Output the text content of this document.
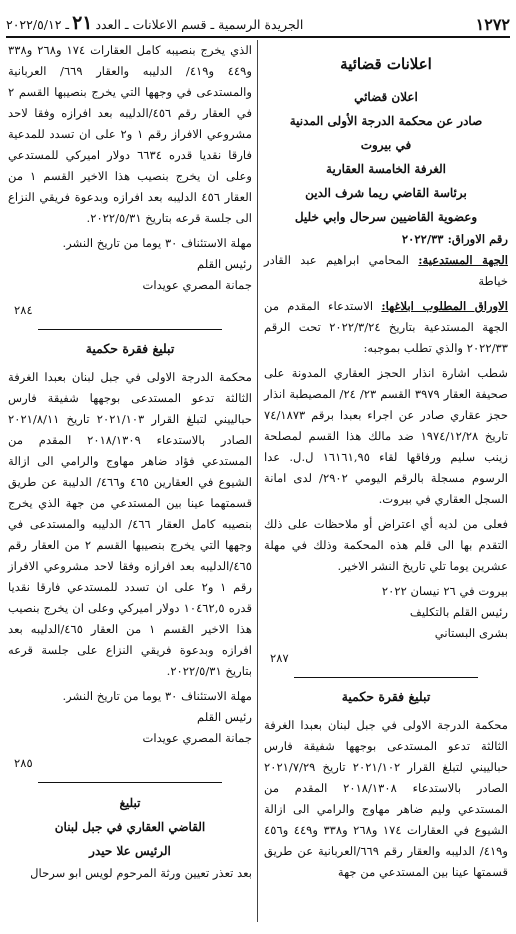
١٢٧٢
الجريدة الرسمية ـ قسم الاعلانات ـ العدد٢١ـ ٢٠٢٢/٥/١٢
اعلانات قضائية

اعلان قضائي

صادر عن محكمة الدرجة الأولى المدنية

في بيروت

الغرفة الخامسة العقارية

برئاسة القاضي ريما شرف الدين

وعضوية القاضيين سرحال وابي خليل

رقم الاوراق: ٢٠٢٢/٣٣

الجهة المستدعية: المحامي ابراهيم عبد القادر خياطة

الاوراق المطلوب ابلاغها: الاستدعاء المقدم من الجهة المستدعية بتاريخ ٢٠٢٢/٣/٢٤ تحت الرقم ٢٠٢٢/٣٣ والذي تطلب بموجبه:

شطب اشارة انذار الحجز العقاري المدونة على صحيفة العقار ٣٩٧٩ القسم ٢٣/ ٢٤/ المصيطبة انذار حجز عقاري صادر عن اجراء بعبدا برقم ٧٤/١٨٧٣ تاريخ ١٩٧٤/١٢/٢٨ ضد مالك هذا القسم لمصلحة زينب سليم ورفاقها لقاء ١٦١٦١,٩٥ ل.ل. عدا الرسوم مسجلة بالرقم اليومي ٢٩٠٢/ لدى امانة السجل العقاري في بيروت.

فعلى من لديه أي اعتراض أو ملاحظات على ذلك التقدم بها الى قلم هذه المحكمة وذلك في مهلة عشرين يوما تلي تاريخ النشر الاخير.

بيروت في ٢٦ نيسان ٢٠٢٢

رئيس القلم بالتكليف

بشرى البستاني

٢٨٧

تبليغ فقرة حكمية

محكمة الدرجة الاولى في جبل لبنان بعبدا الغرفة الثالثة تدعو المستدعى بوجهها شفيقة فارس حبالييني لتبلغ القرار ٢٠٢١/١٠٢ تاريخ ٢٠٢١/٧/٢٩ الصادر بالاستدعاء ٢٠١٨/١٣٠٨ المقدم من المستدعي وليم ضاهر مهاوج والرامي الى ازالة الشيوع في العقارات ١٧٤ و٢٦٨ و٣٣٨ و٤٤٩ و٤٥٦ و٤١٩/ الدليبه والعقار رقم ٦٦٩/العربانية عن طريق قسمتها عينا بين المستدعي من جهة

الذي يخرج بنصيبه كامل العقارات ١٧٤ و٢٦٨ و٣٣٨ و٤٤٩ و٤١٩/ الدليبه والعقار ٦٦٩/ العربانية والمستدعى في وجهها التي يخرج بنصيبها القسم ٢ في العقار رقم ٤٥٦/الدليبه بعد افرازه وفقا لاحد مشروعي الافراز رقم ١ و٢ على ان تسدد للمدعية فارقا نقديا قدره ٦٦٣٤ دولار اميركي للمستدعي وعلى ان يخرج بنصيب هذا الاخير القسم ١ من العقار ٤٥٦ الدليبه بعد افرازه وبدعوة فريقي النزاع الى جلسة قرعه بتاريخ ٢٠٢٢/٥/٣١.

مهلة الاستئناف ٣٠ يوما من تاريخ النشر.

رئيس القلم

جمانة المصري عويدات

٢٨٤

تبليغ فقرة حكمية

محكمة الدرجة الاولى في جبل لبنان بعبدا الغرفة الثالثة تدعو المستدعى بوجهها شفيقة فارس حبالييني لتبلغ القرار ٢٠٢١/١٠٣ تاريخ ٢٠٢١/٨/١١ الصادر بالاستدعاء ٢٠١٨/١٣٠٩ المقدم من المستدعي فؤاد ضاهر مهاوج والرامي الى ازالة الشيوع في العقارين ٤٦٥ و٤٦٦/ الدليبة عن طريق قسمتهما عينا بين المستدعي من جهة الذي يخرج بنصيبه كامل العقار ٤٦٦/ الدليبه والمستدعى في وجهها التي يخرج بنصيبها القسم ٢ من العقار رقم ٤٦٥/الدليبه بعد افرازه وفقا لاحد مشروعي الافراز رقم ١ و٢ على ان تسدد للمستدعي فارقا نقديا قدره ١٠٤٦٢,٥ دولار اميركي وعلى ان يخرج بنصيب هذا الاخير القسم ١ من العقار ٤٦٥/الدليبه بعد افرازه وبدعوة فريقي النزاع على جلسة قرعه بتاريخ ٢٠٢٢/٥/٣١.

مهلة الاستئناف ٣٠ يوما من تاريخ النشر.

رئيس القلم

جمانة المصري عويدات

٢٨٥

تبليغ

القاضي العقاري في جبل لبنان

الرئيس علا حيدر

بعد تعذر تعيين ورثة المرحوم لويس ابو سرحال
